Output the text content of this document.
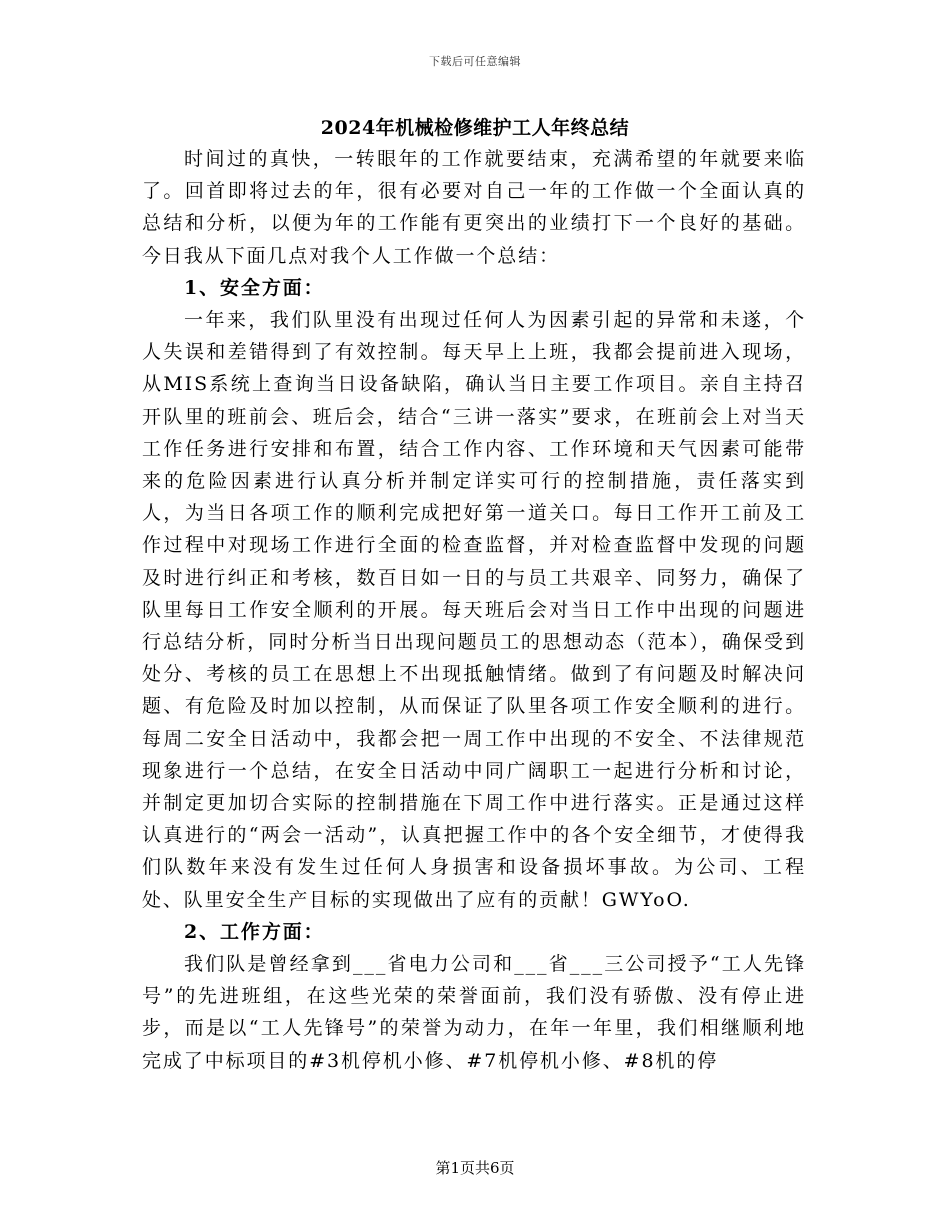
下载后可任意编辑
2024年机械检修维护工人年终总结

时间过的真快，一转眼年的工作就要结束，充满希望的年就要来临了。回首即将过去的年，很有必要对自己一年的工作做一个全面认真的总结和分析，以便为年的工作能有更突出的业绩打下一个良好的基础。今日我从下面几点对我个人工作做一个总结：

1、安全方面：

一年来，我们队里没有出现过任何人为因素引起的异常和未遂，个人失误和差错得到了有效控制。每天早上上班，我都会提前进入现场，从MIS系统上查询当日设备缺陷，确认当日主要工作项目。亲自主持召开队里的班前会、班后会，结合“三讲一落实”要求，在班前会上对当天工作任务进行安排和布置，结合工作内容、工作环境和天气因素可能带来的危险因素进行认真分析并制定详实可行的控制措施，责任落实到人，为当日各项工作的顺利完成把好第一道关口。每日工作开工前及工作过程中对现场工作进行全面的检查监督，并对检查监督中发现的问题及时进行纠正和考核，数百日如一日的与员工共艰辛、同努力，确保了队里每日工作安全顺利的开展。每天班后会对当日工作中出现的问题进行总结分析，同时分析当日出现问题员工的思想动态（范本），确保受到处分、考核的员工在思想上不出现抵触情绪。做到了有问题及时解决问题、有危险及时加以控制，从而保证了队里各项工作安全顺利的进行。每周二安全日活动中，我都会把一周工作中出现的不安全、不法律规范现象进行一个总结，在安全日活动中同广阔职工一起进行分析和讨论，并制定更加切合实际的控制措施在下周工作中进行落实。正是通过这样认真进行的“两会一活动”，认真把握工作中的各个安全细节，才使得我们队数年来没有发生过任何人身损害和设备损坏事故。为公司、工程处、队里安全生产目标的实现做出了应有的贡献！GWYoO.

2、工作方面：

我们队是曾经拿到___省电力公司和___省___三公司授予“工人先锋号”的先进班组，在这些光荣的荣誉面前，我们没有骄傲、没有停止进步，而是以“工人先锋号”的荣誉为动力，在年一年里，我们相继顺利地完成了中标项目的#3机停机小修、#7机停机小修、#8机的停

第1页共6页
